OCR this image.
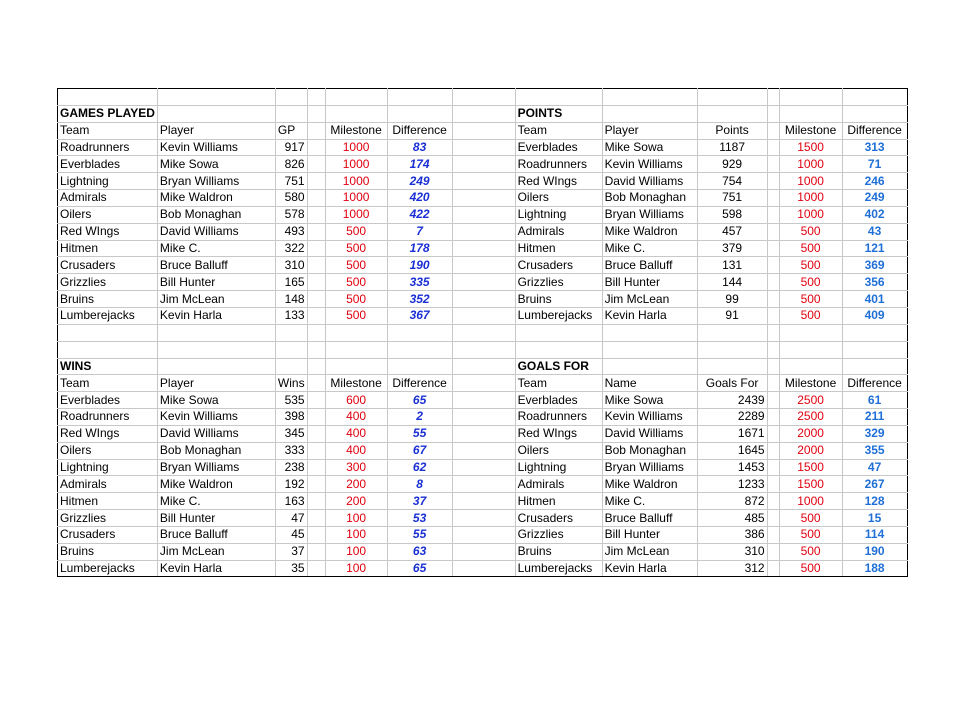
GAMES PLAYED							POINTS					
Team	Player	GP		Milestone	Difference		Team	Player	Points		Milestone	Difference
Roadrunners	Kevin Williams	917		1000	83		Everblades	Mike Sowa	1187		1500	313
Everblades	Mike Sowa	826		1000	174		Roadrunners	Kevin Williams	929		1000	71
Lightning	Bryan Williams	751		1000	249		Red WIngs	David Williams	754		1000	246
Admirals	Mike Waldron	580		1000	420		Oilers	Bob Monaghan	751		1000	249
Oilers	Bob Monaghan	578		1000	422		Lightning	Bryan Williams	598		1000	402
Red WIngs	David Williams	493		500	7		Admirals	Mike Waldron	457		500	43
Hitmen	Mike C.	322		500	178		Hitmen	Mike C.	379		500	121
Crusaders	Bruce Balluff	310		500	190		Crusaders	Bruce Balluff	131		500	369
Grizzlies	Bill Hunter	165		500	335		Grizzlies	Bill Hunter	144		500	356
Bruins	Jim McLean	148		500	352		Bruins	Jim McLean	99		500	401
Lumberejacks	Kevin Harla	133		500	367		Lumberejacks	Kevin Harla	91		500	409

WINS							GOALS FOR					
Team	Player	Wins		Milestone	Difference		Team	Name	Goals For		Milestone	Difference
Everblades	Mike Sowa	535		600	65		Everblades	Mike Sowa	2439		2500	61
Roadrunners	Kevin Williams	398		400	2		Roadrunners	Kevin Williams	2289		2500	211
Red WIngs	David Williams	345		400	55		Red WIngs	David Williams	1671		2000	329
Oilers	Bob Monaghan	333		400	67		Oilers	Bob Monaghan	1645		2000	355
Lightning	Bryan Williams	238		300	62		Lightning	Bryan Williams	1453		1500	47
Admirals	Mike Waldron	192		200	8		Admirals	Mike Waldron	1233		1500	267
Hitmen	Mike C.	163		200	37		Hitmen	Mike C.	872		1000	128
Grizzlies	Bill Hunter	47		100	53		Crusaders	Bruce Balluff	485		500	15
Crusaders	Bruce Balluff	45		100	55		Grizzlies	Bill Hunter	386		500	114
Bruins	Jim McLean	37		100	63		Bruins	Jim McLean	310		500	190
Lumberejacks	Kevin Harla	35		100	65		Lumberejacks	Kevin Harla	312		500	188
